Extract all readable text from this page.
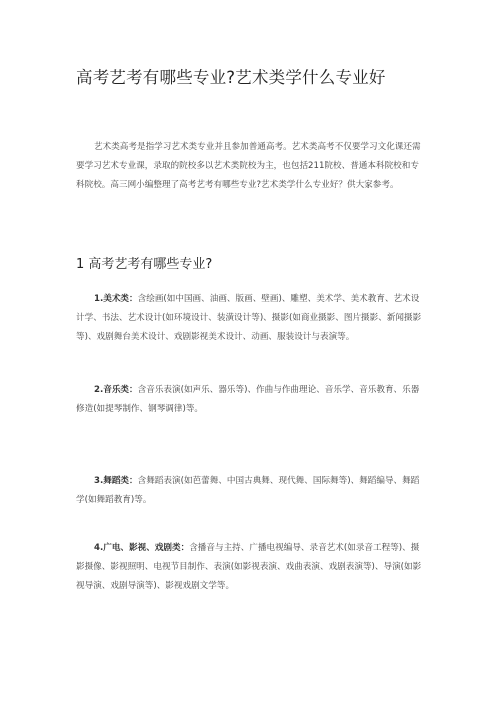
高考艺考有哪些专业?艺术类学什么专业好
艺术类高考是指学习艺术类专业并且参加普通高考。艺术类高考不仅要学习文化课还需要学习艺术专业课，录取的院校多以艺术类院校为主，也包括211院校、普通本科院校和专科院校。高三网小编整理了高考艺考有哪些专业?艺术类学什么专业好？供大家参考。
1 高考艺考有哪些专业?
1.美术类：含绘画(如中国画、油画、版画、壁画)、雕塑、美术学、美术教育、艺术设计学、书法、艺术设计(如环境设计、装潢设计等)、摄影(如商业摄影、图片摄影、新闻摄影等)、戏剧舞台美术设计、戏剧影视美术设计、动画、服装设计与表演等。
2.音乐类：含音乐表演(如声乐、器乐等)、作曲与作曲理论、音乐学、音乐教育、乐器修造(如提琴制作、钢琴调律)等。
3.舞蹈类：含舞蹈表演(如芭蕾舞、中国古典舞、现代舞、国际舞等)、舞蹈编导、舞蹈学(如舞蹈教育)等。
4.广电、影视、戏剧类：含播音与主持、广播电视编导、录音艺术(如录音工程等)、摄影摄像、影视照明、电视节目制作、表演(如影视表演、戏曲表演、戏剧表演等)、导演(如影视导演、戏剧导演等)、影视戏剧文学等。
